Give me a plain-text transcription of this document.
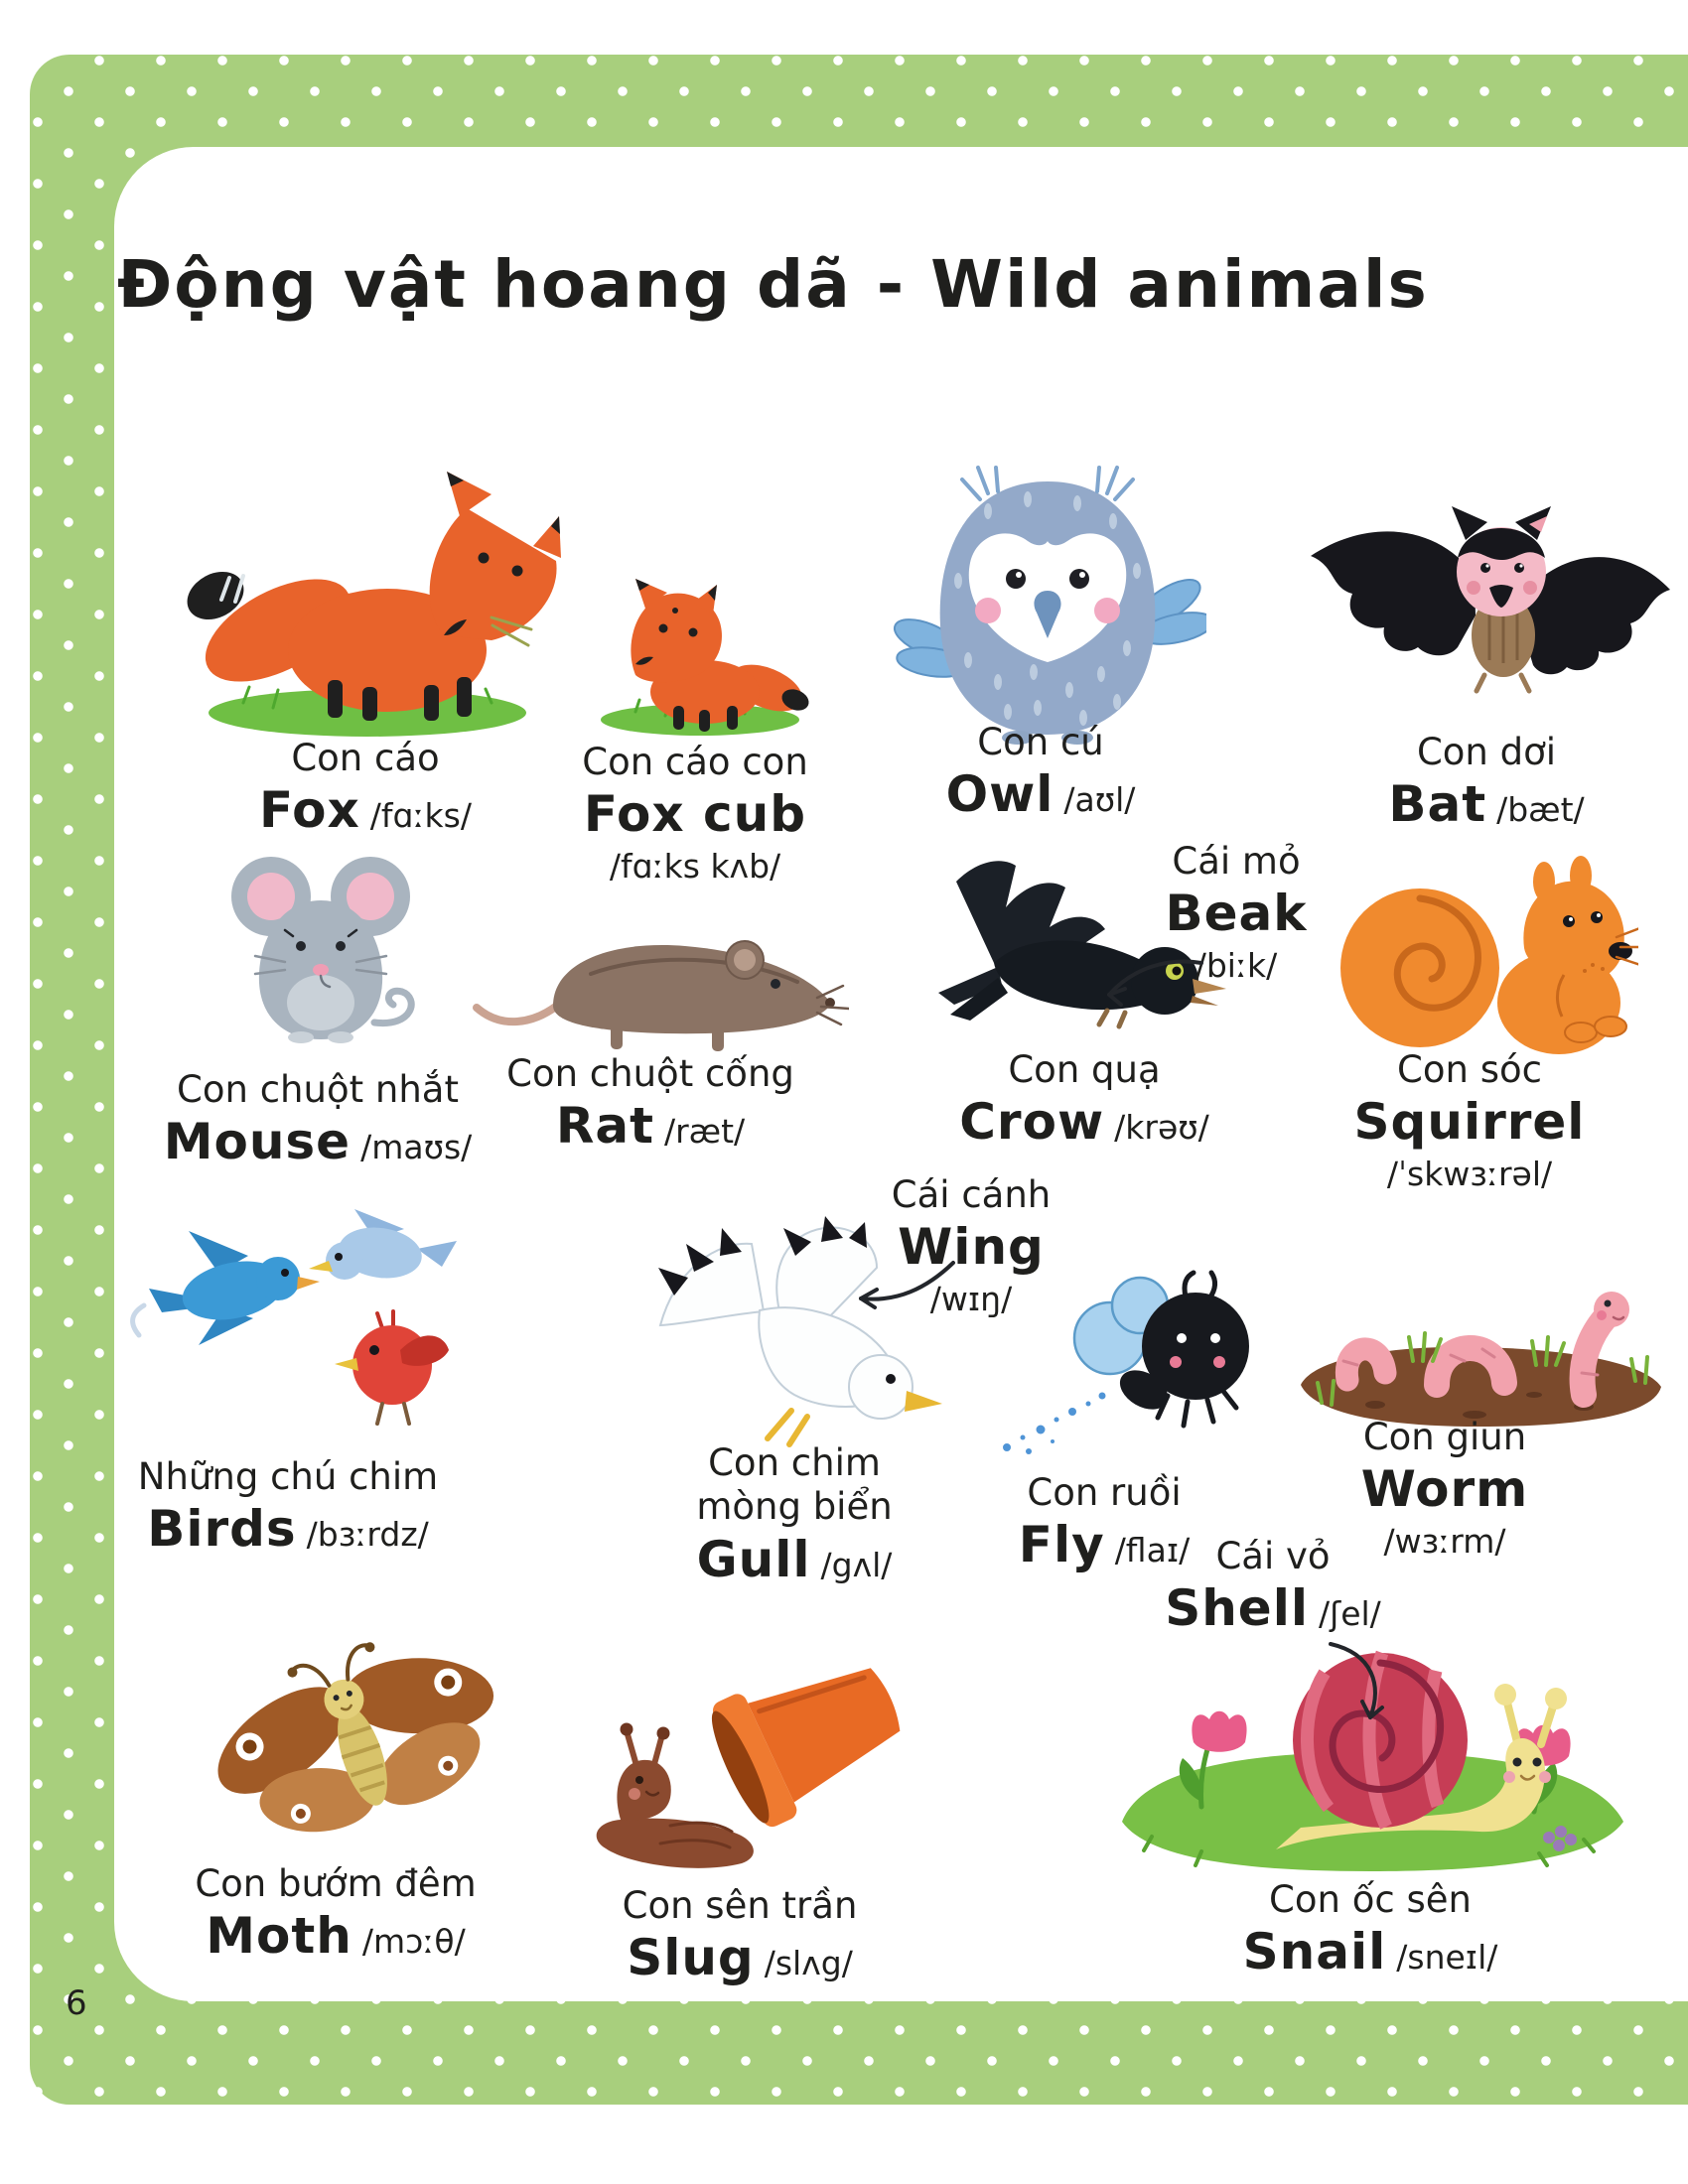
Động vật hoang dã - Wild animals
Con cáo
Fox /fɑːks/
Con cáo con
Fox cub
/fɑːks kʌb/
Con cú
Owl /aʊl/
Con dơi
Bat /bæt/
Con chuột nhắt
Mouse /maʊs/
Con chuột cống
Rat /ræt/
Con quạ
Crow /krəʊ/
Con sóc
Squirrel
/ˈskwɜːrəl/
Những chú chim
Birds /bɜːrdz/
Con chim mòng biển
Gull /gʌl/
Con ruồi
Fly /flaɪ/
Con giun
Worm
/wɜːrm/
Con bướm đêm
Moth /mɔːθ/
Con sên trần
Slug /slʌg/
Con ốc sên
Snail /sneɪl/
Cái mỏ
Beak
/biːk/
Cái cánh
Wing
/wɪŋ/
Cái vỏ
Shell /ʃel/
6
